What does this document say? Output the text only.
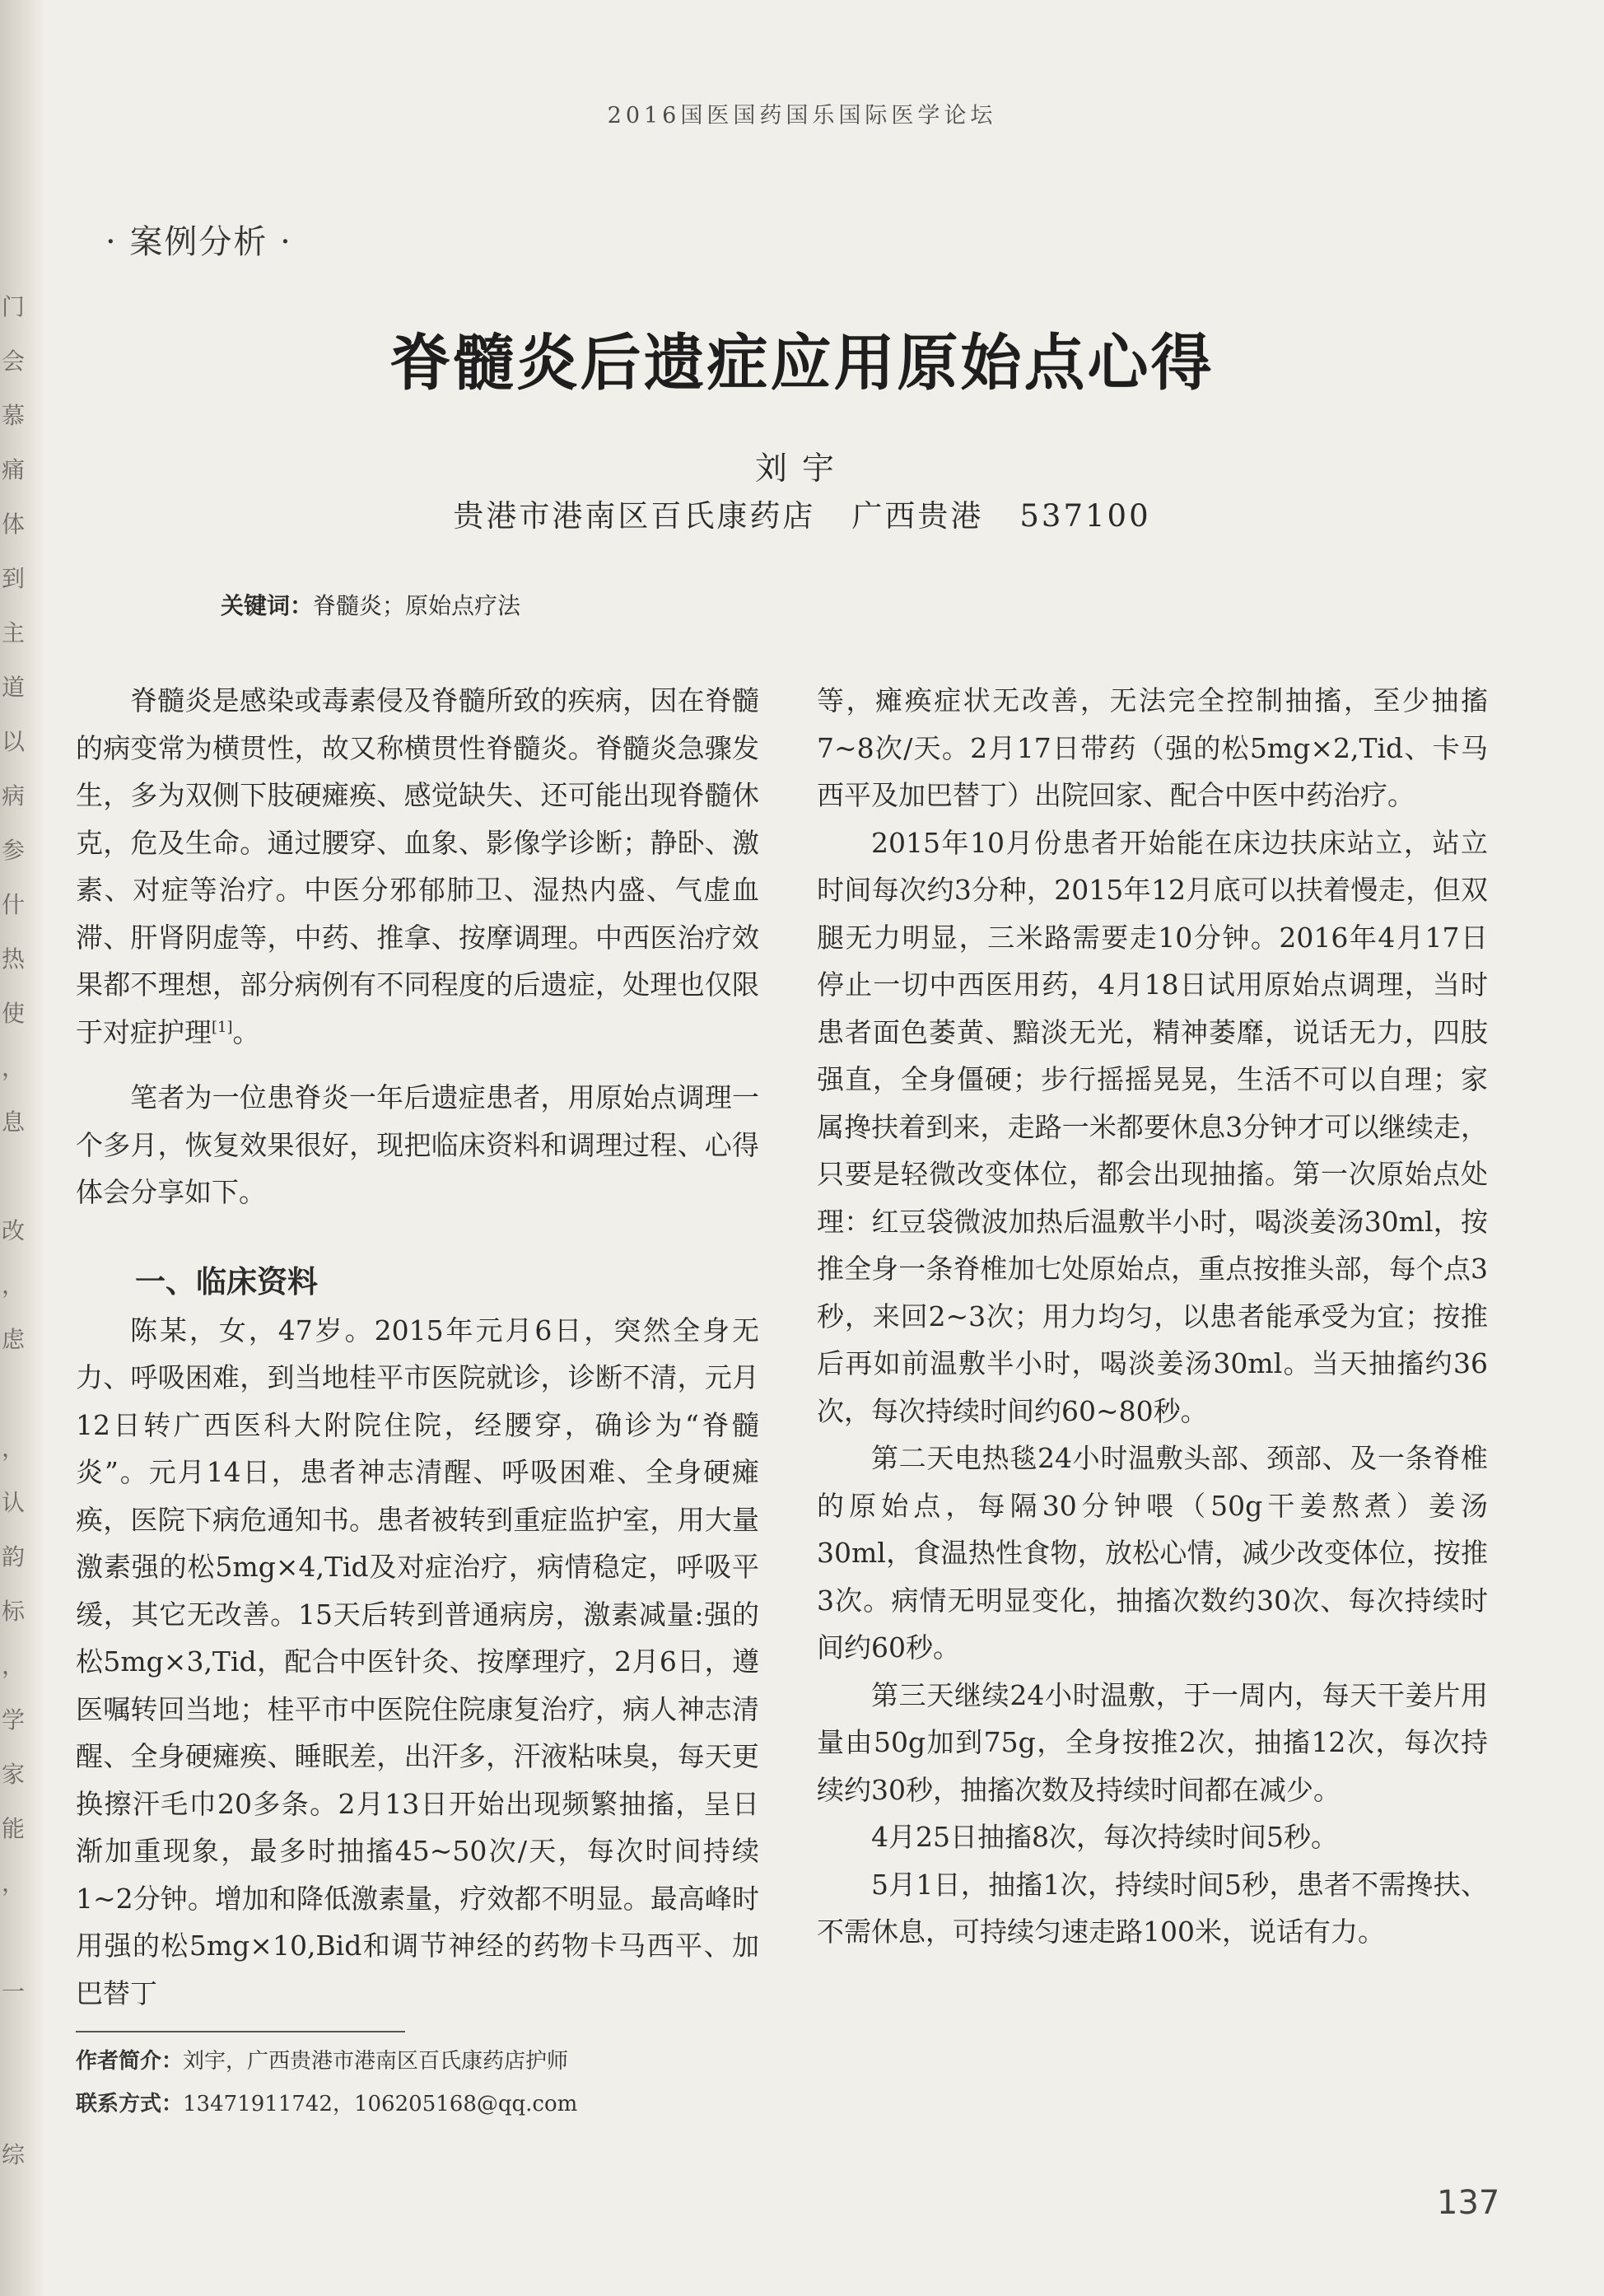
门
会
慕
痛
体
到
主
道
以
病
参
什
热
使
，
息

改
，
虑

，
认
韵
标
，
学
家
能
，

一

综
2016国医国药国乐国际医学论坛
· 案例分析 ·
脊髓炎后遗症应用原始点心得
刘宇
贵港市港南区百氏康药店 广西贵港 537100
关键词：脊髓炎；原始点疗法

脊髓炎是感染或毒素侵及脊髓所致的疾病，因在脊髓的病变常为横贯性，故又称横贯性脊髓炎。脊髓炎急骤发生，多为双侧下肢硬瘫痪、感觉缺失、还可能出现脊髓休克，危及生命。通过腰穿、血象、影像学诊断；静卧、激素、对症等治疗。中医分邪郁肺卫、湿热内盛、气虚血滞、肝肾阴虚等，中药、推拿、按摩调理。中西医治疗效果都不理想，部分病例有不同程度的后遗症，处理也仅限于对症护理[1]。

笔者为一位患脊炎一年后遗症患者，用原始点调理一个多月，恢复效果很好，现把临床资料和调理过程、心得体会分享如下。

一、临床资料

陈某，女，47岁。2015年元月6日，突然全身无力、呼吸困难，到当地桂平市医院就诊，诊断不清，元月12日转广西医科大附院住院，经腰穿，确诊为“脊髓炎”。元月14日，患者神志清醒、呼吸困难、全身硬瘫痪，医院下病危通知书。患者被转到重症监护室，用大量激素强的松5mg×4,Tid及对症治疗，病情稳定，呼吸平缓，其它无改善。15天后转到普通病房，激素减量:强的松5mg×3,Tid，配合中医针灸、按摩理疗，2月6日，遵医嘱转回当地；桂平市中医院住院康复治疗，病人神志清醒、全身硬瘫痪、睡眠差，出汗多，汗液粘味臭，每天更换擦汗毛巾20多条。2月13日开始出现频繁抽搐，呈日渐加重现象，最多时抽搐45~50次/天，每次时间持续1~2分钟。增加和降低激素量，疗效都不明显。最高峰时用强的松5mg×10,Bid和调节神经的药物卡马西平、加巴替丁

等，瘫痪症状无改善，无法完全控制抽搐，至少抽搐7~8次/天。2月17日带药（强的松5mg×2,Tid、卡马西平及加巴替丁）出院回家、配合中医中药治疗。

2015年10月份患者开始能在床边扶床站立，站立时间每次约3分种，2015年12月底可以扶着慢走，但双腿无力明显，三米路需要走10分钟。2016年4月17日停止一切中西医用药，4月18日试用原始点调理，当时患者面色萎黄、黯淡无光，精神萎靡，说话无力，四肢强直，全身僵硬；步行摇摇晃晃，生活不可以自理；家属搀扶着到来，走路一米都要休息3分钟才可以继续走，只要是轻微改变体位，都会出现抽搐。第一次原始点处理：红豆袋微波加热后温敷半小时，喝淡姜汤30ml，按推全身一条脊椎加七处原始点，重点按推头部，每个点3秒，来回2~3次；用力均匀，以患者能承受为宜；按推后再如前温敷半小时，喝淡姜汤30ml。当天抽搐约36次，每次持续时间约60~80秒。

第二天电热毯24小时温敷头部、颈部、及一条脊椎的原始点，每隔30分钟喂（50g干姜熬煮）姜汤30ml，食温热性食物，放松心情，减少改变体位，按推3次。病情无明显变化，抽搐次数约30次、每次持续时间约60秒。

第三天继续24小时温敷，于一周内，每天干姜片用量由50g加到75g，全身按推2次，抽搐12次，每次持续约30秒，抽搐次数及持续时间都在减少。

4月25日抽搐8次，每次持续时间5秒。

5月1日，抽搐1次，持续时间5秒，患者不需搀扶、不需休息，可持续匀速走路100米，说话有力。

作者简介：刘宇，广西贵港市港南区百氏康药店护师
联系方式：13471911742，106205168@qq.com
137
